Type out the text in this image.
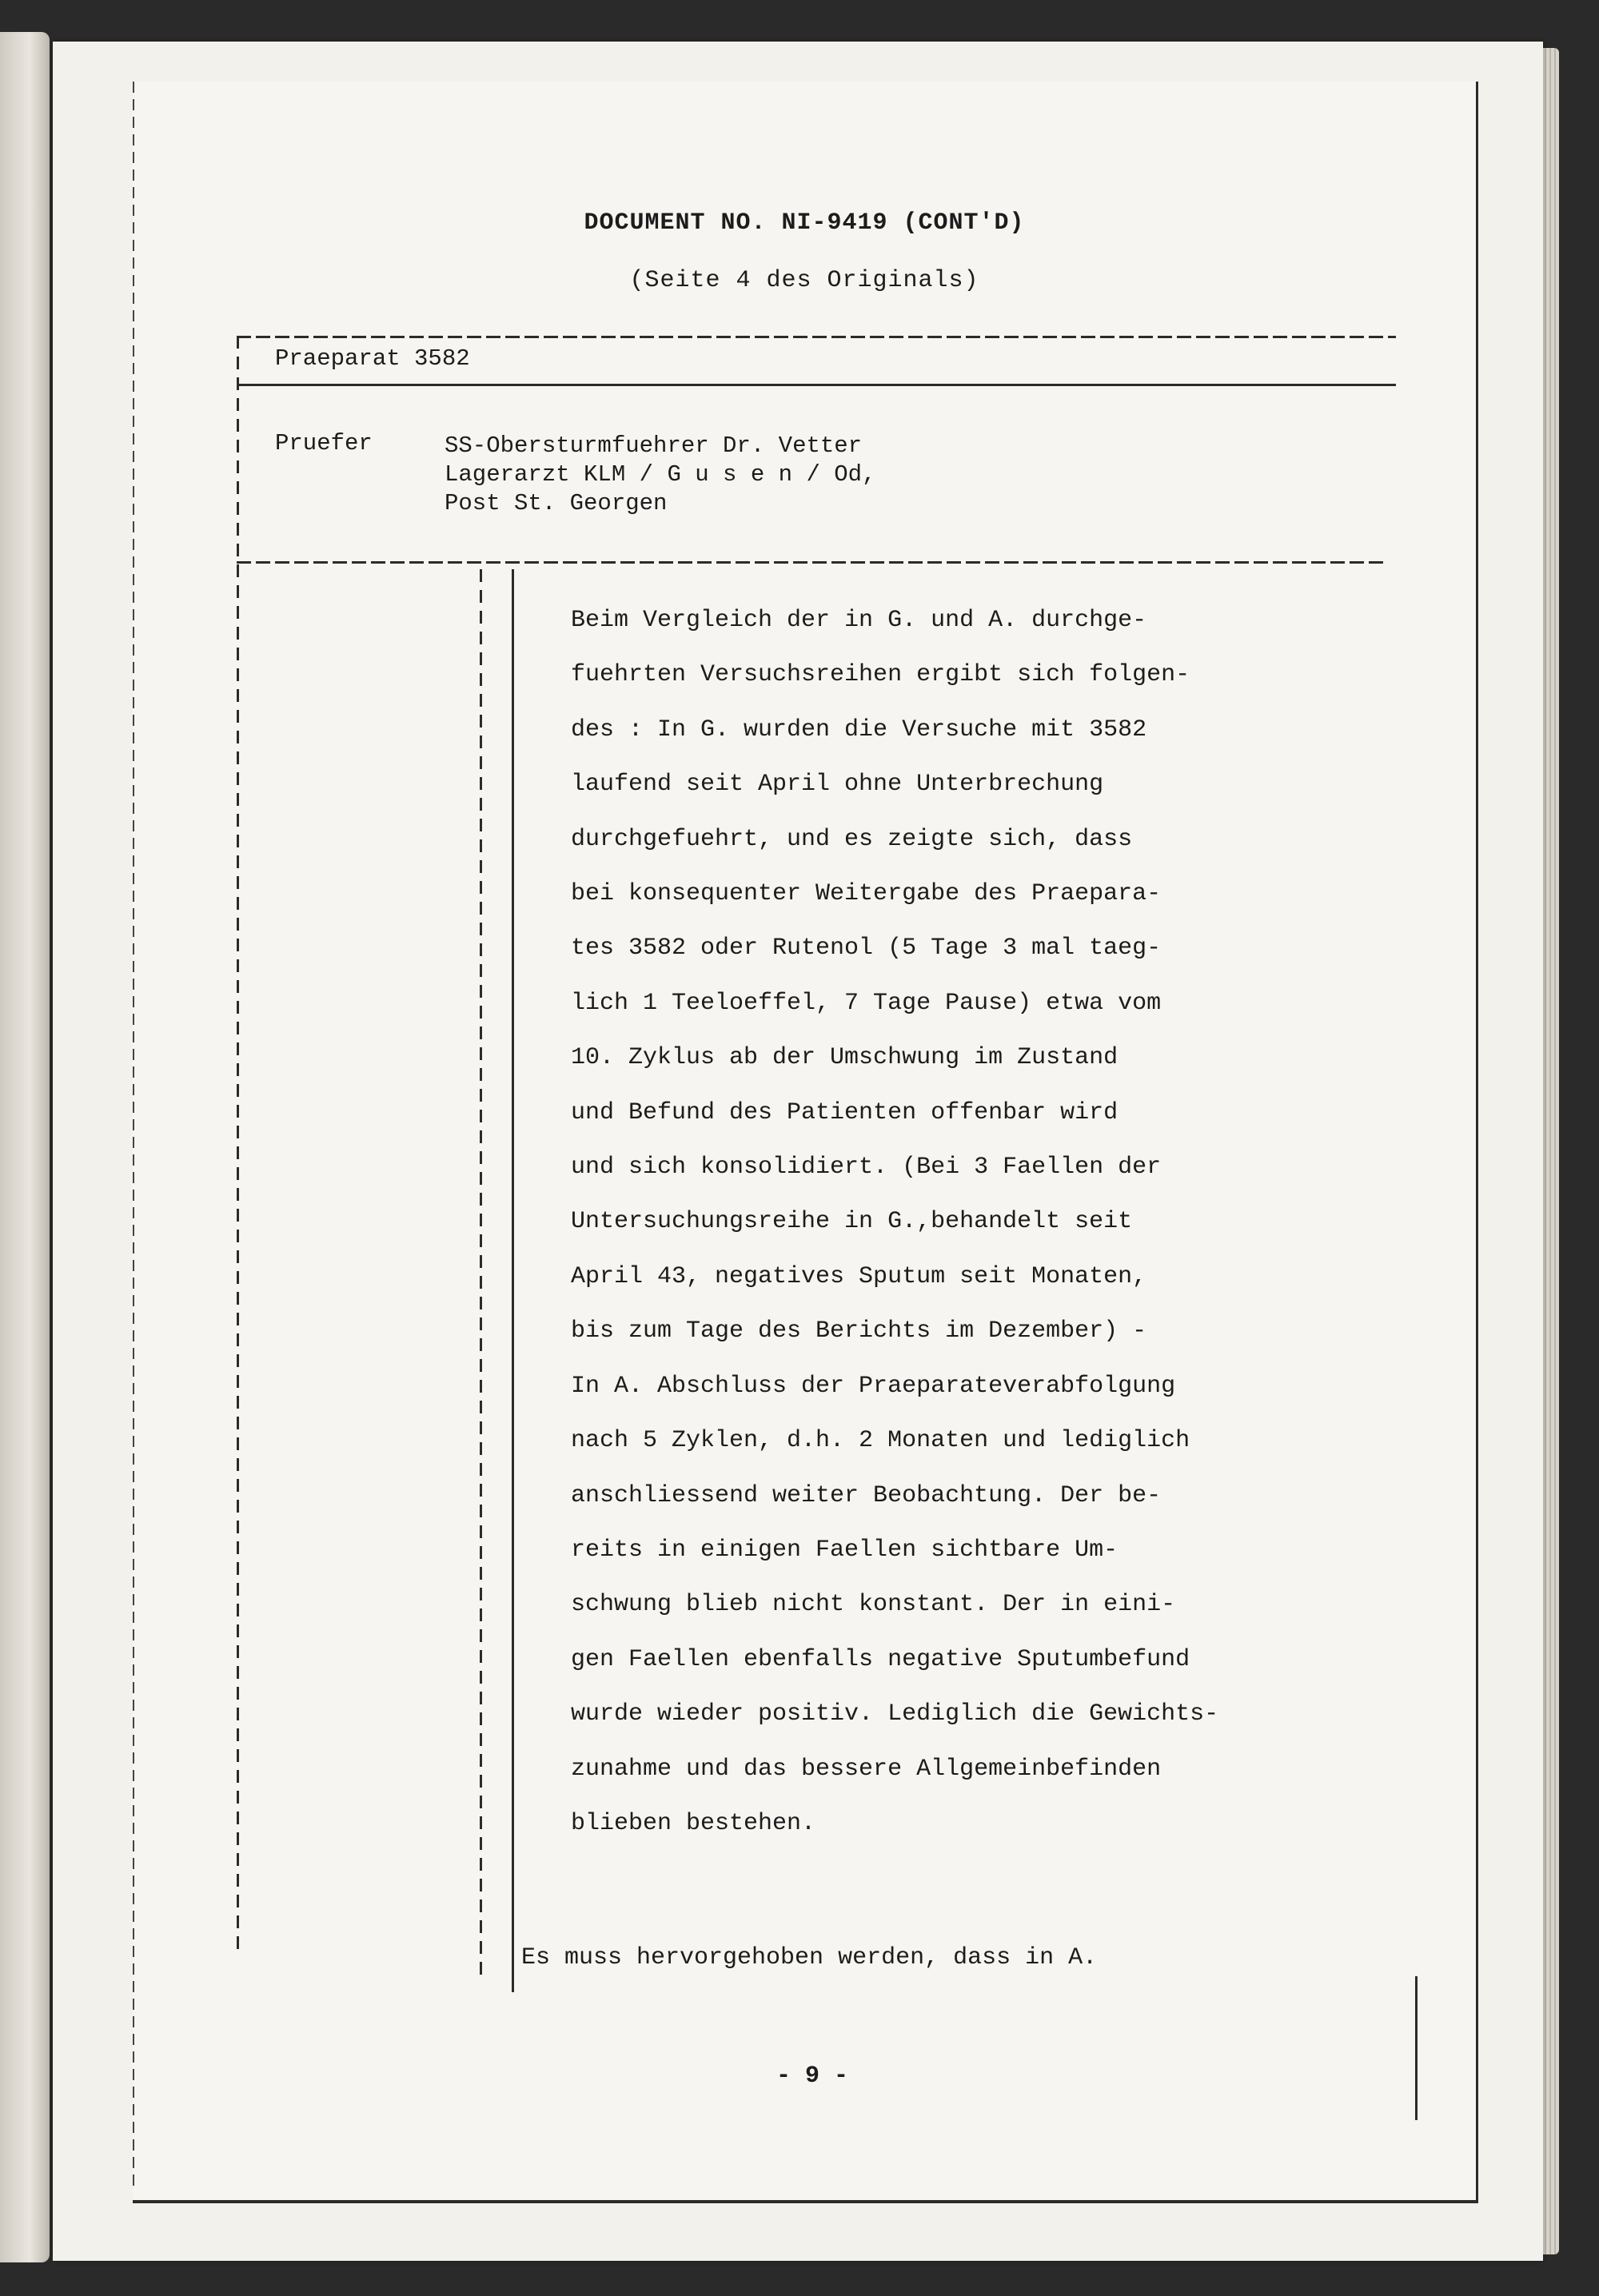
DOCUMENT NO. NI-9419 (CONT'D)
(Seite 4 des Originals)
Praeparat 3582
Pruefer	SS-Obersturmfuehrer Dr. Vetter
Lagerarzt KLM / G u s e n / Od,
Post St. Georgen
Beim Vergleich der in G. und A. durchge-
fuehrten Versuchsreihen ergibt sich folgen-
des : In G. wurden die Versuche mit 3582
laufend seit April ohne Unterbrechung
durchgefuehrt, und es zeigte sich, dass
bei konsequenter Weitergabe des Praeparа-
tes 3582 oder Rutenol (5 Tage 3 mal taeg-
lich 1 Teeloeffel, 7 Tage Pause) etwa vom
10. Zyklus ab der Umschwung im Zustand
und Befund des Patienten offenbar wird
und sich konsolidiert. (Bei 3 Faellen der
Untersuchungsreihe in G.,behandelt seit
April 43, negatives Sputum seit Monaten,
bis zum Tage des Berichts im Dezember) -
In A. Abschluss der Praeparateverabfolgung
nach 5 Zyklen, d.h. 2 Monaten und lediglich
anschliessend weiter Beobachtung. Der be-
reits in einigen Faellen sichtbare Um-
schwung blieb nicht konstant. Der in eini-
gen Faellen ebenfalls negative Sputumbefund
wurde wieder positiv. Lediglich die Gewichts-
zunahme und das bessere Allgemeinbefinden
blieben bestehen.
Es muss hervorgehoben werden, dass in A.
- 9 -
